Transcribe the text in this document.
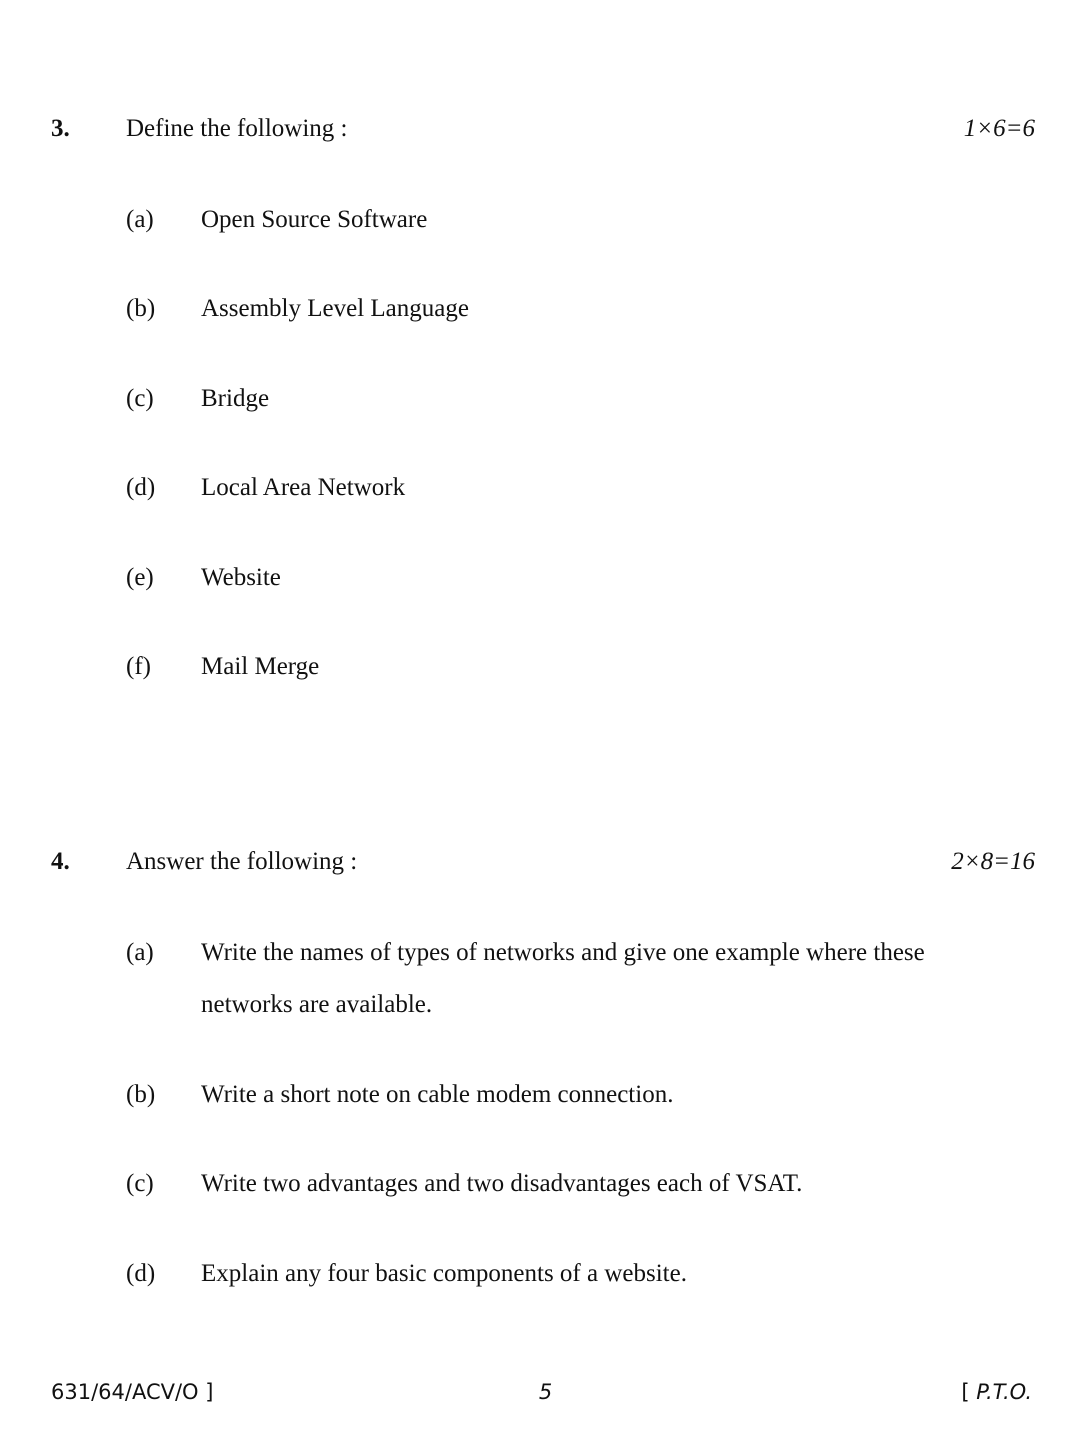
3. Define the following :	1×6=6
(a) Open Source Software
(b) Assembly Level Language
(c) Bridge
(d) Local Area Network
(e) Website
(f) Mail Merge
4. Answer the following :	2×8=16
(a) Write the names of types of networks and give one example where these networks are available.
(b) Write a short note on cable modem connection.
(c) Write two advantages and two disadvantages each of VSAT.
(d) Explain any four basic components of a website.
631/64/ACV/O ]	5	[ P.T.O.
